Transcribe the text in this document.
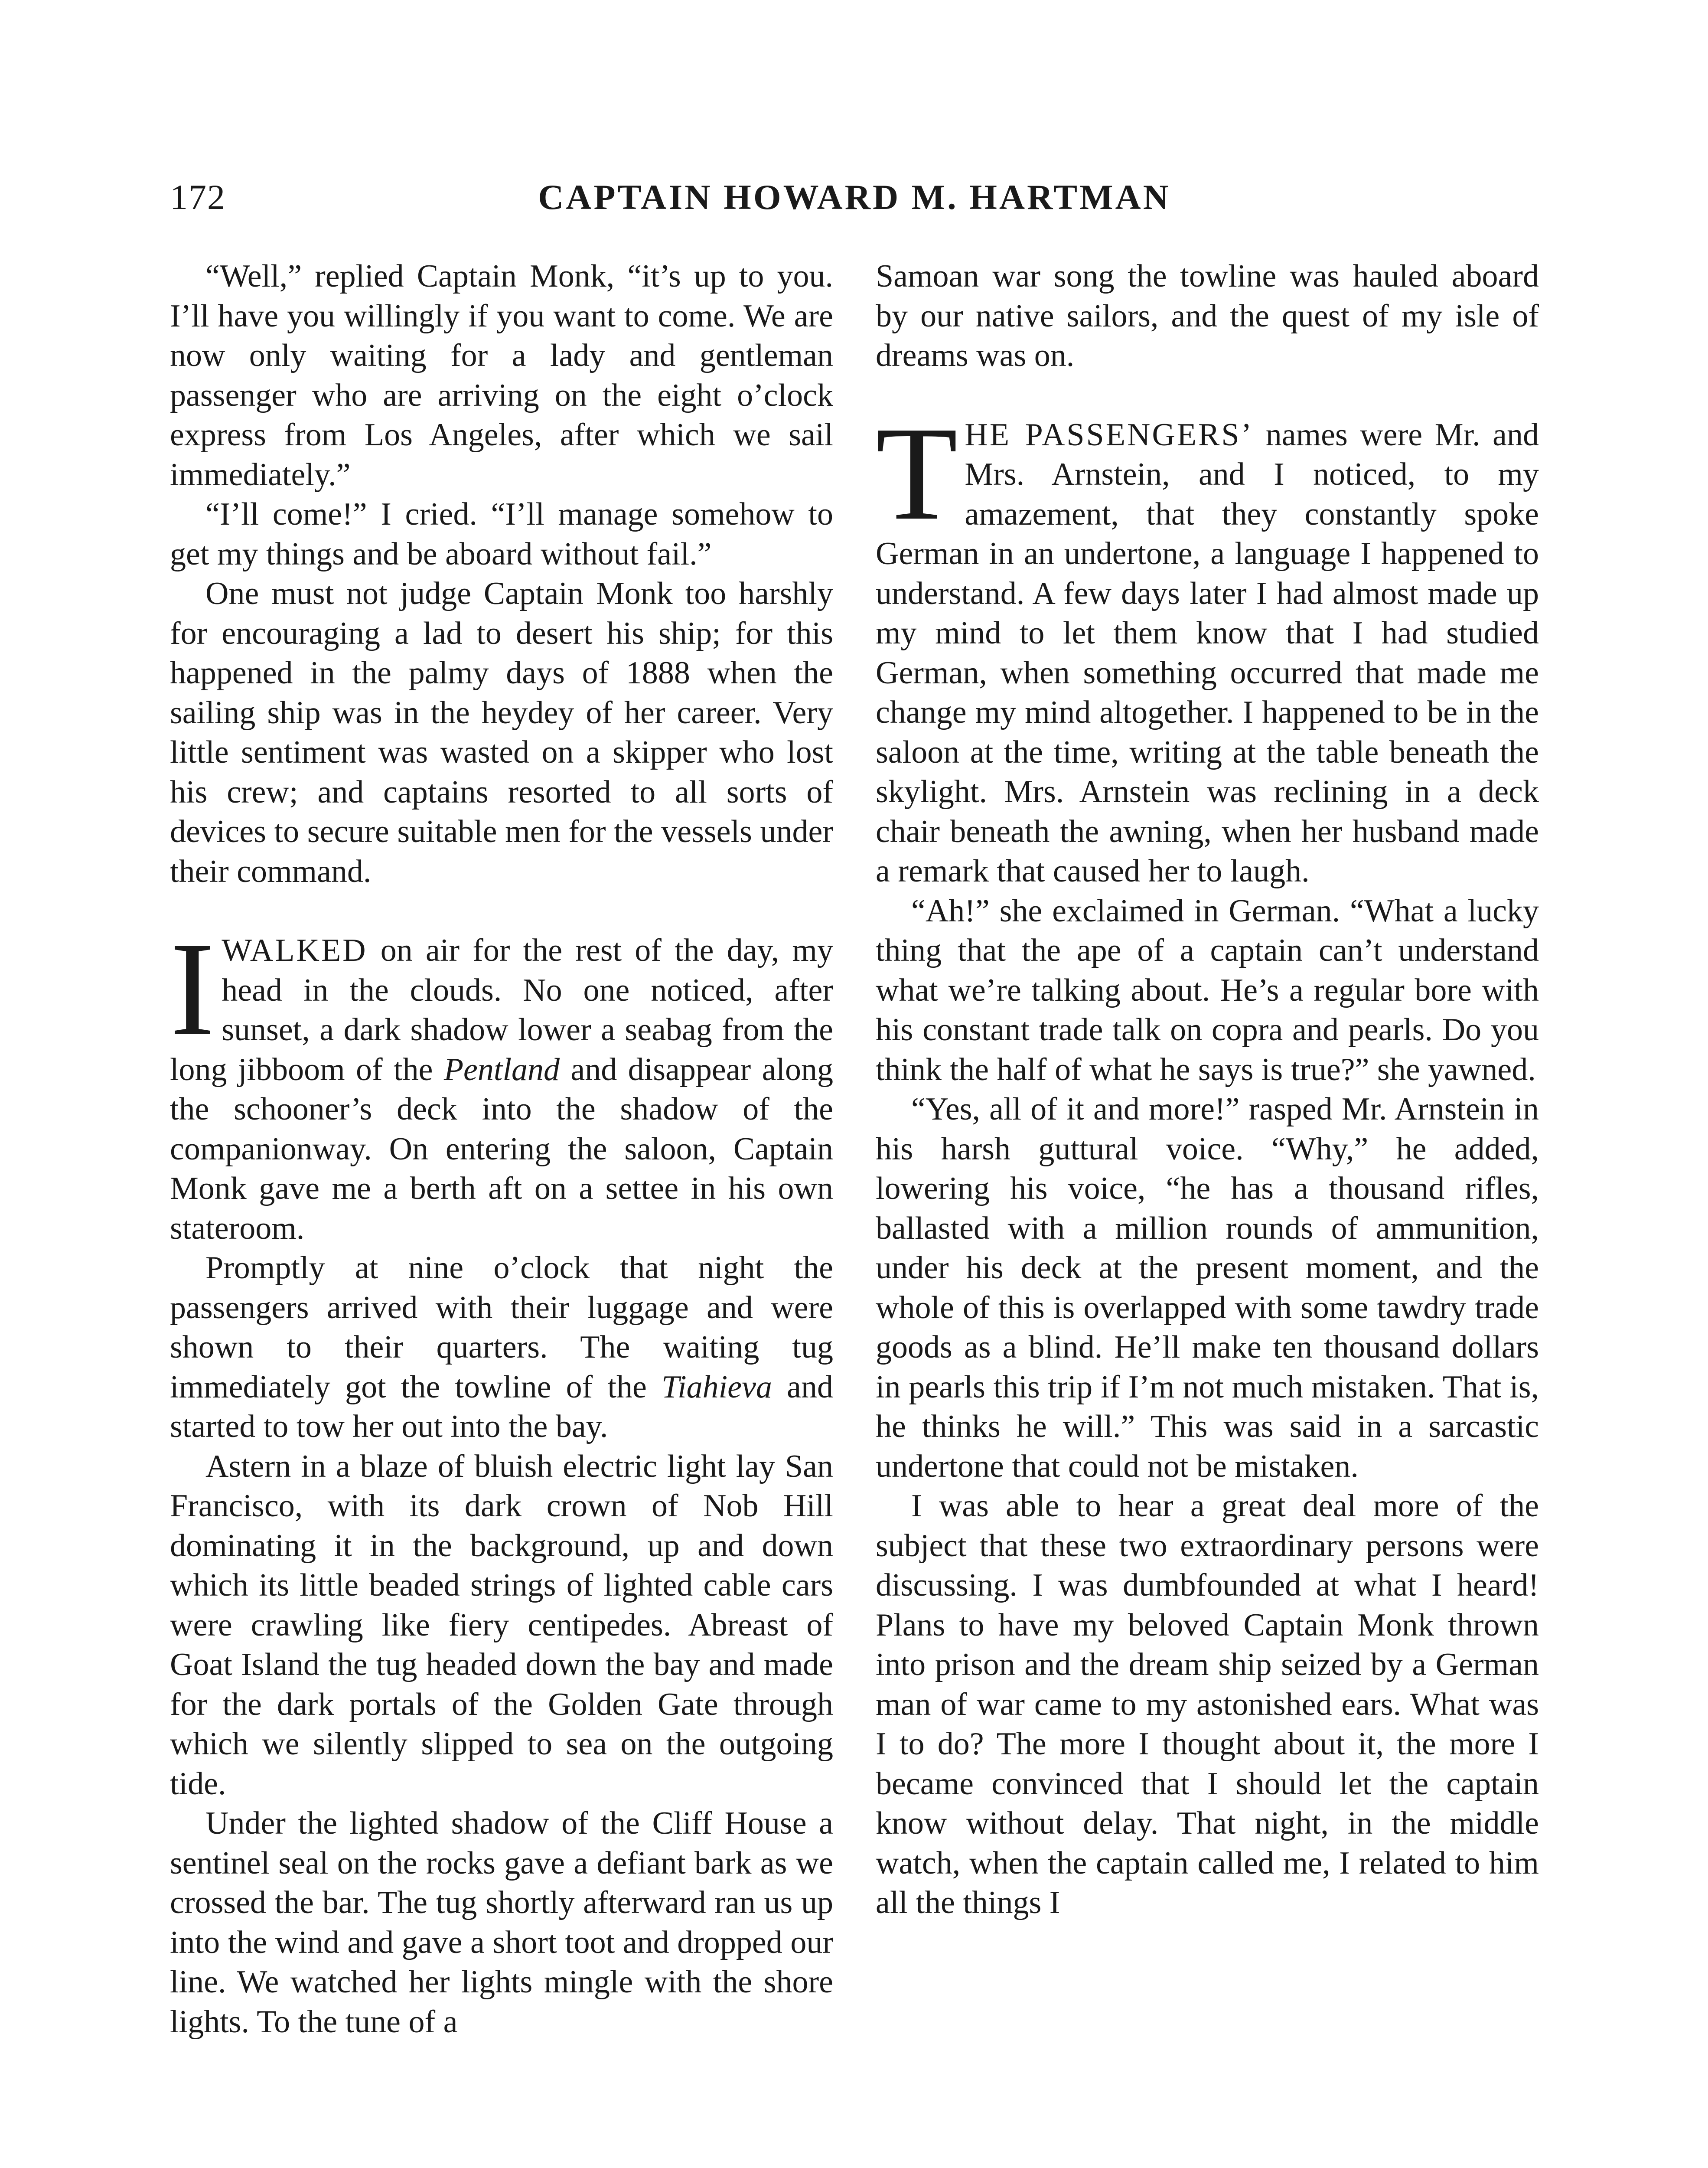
172	CAPTAIN HOWARD M. HARTMAN

“Well,” replied Captain Monk, “it’s up to you. I’ll have you willingly if you want to come. We are now only waiting for a lady and gentleman passenger who are arriving on the eight o’clock express from Los Angeles, after which we sail immediately.”

“I’ll come!” I cried. “I’ll manage somehow to get my things and be aboard without fail.”

One must not judge Captain Monk too harshly for encouraging a lad to desert his ship; for this happened in the palmy days of 1888 when the sailing ship was in the heydey of her career. Very little sentiment was wasted on a skipper who lost his crew; and captains resorted to all sorts of devices to secure suitable men for the vessels under their command.

IWALKED on air for the rest of the day, my head in the clouds. No one noticed, after sunset, a dark shadow lower a seabag from the long jibboom of the Pentland and disappear along the schooner’s deck into the shadow of the companionway. On entering the saloon, Captain Monk gave me a berth aft on a settee in his own stateroom.

Promptly at nine o’clock that night the passengers arrived with their luggage and were shown to their quarters. The waiting tug immediately got the towline of the Tiahieva and started to tow her out into the bay.

Astern in a blaze of bluish electric light lay San Francisco, with its dark crown of Nob Hill dominating it in the background, up and down which its little beaded strings of lighted cable cars were crawling like fiery centipedes. Abreast of Goat Island the tug headed down the bay and made for the dark portals of the Golden Gate through which we silently slipped to sea on the outgoing tide.

Under the lighted shadow of the Cliff House a sentinel seal on the rocks gave a defiant bark as we crossed the bar. The tug shortly afterward ran us up into the wind and gave a short toot and dropped our line. We watched her lights mingle with the shore lights. To the tune of a

Samoan war song the towline was hauled aboard by our native sailors, and the quest of my isle of dreams was on.

THE PASSENGERS’ names were Mr. and Mrs. Arnstein, and I noticed, to my amazement, that they constantly spoke German in an undertone, a language I happened to understand. A few days later I had almost made up my mind to let them know that I had studied German, when something occurred that made me change my mind altogether. I happened to be in the saloon at the time, writing at the table beneath the skylight. Mrs. Arnstein was reclining in a deck chair beneath the awning, when her husband made a remark that caused her to laugh.

“Ah!” she exclaimed in German. “What a lucky thing that the ape of a captain can’t understand what we’re talking about. He’s a regular bore with his constant trade talk on copra and pearls. Do you think the half of what he says is true?” she yawned.

“Yes, all of it and more!” rasped Mr. Arnstein in his harsh guttural voice. “Why,” he added, lowering his voice, “he has a thousand rifles, ballasted with a million rounds of ammunition, under his deck at the present moment, and the whole of this is overlapped with some tawdry trade goods as a blind. He’ll make ten thousand dollars in pearls this trip if I’m not much mistaken. That is, he thinks he will.” This was said in a sarcastic undertone that could not be mistaken.

I was able to hear a great deal more of the subject that these two extraordinary persons were discussing. I was dumbfounded at what I heard! Plans to have my beloved Captain Monk thrown into prison and the dream ship seized by a German man of war came to my astonished ears. What was I to do? The more I thought about it, the more I became convinced that I should let the captain know without delay. That night, in the middle watch, when the captain called me, I related to him all the things I
